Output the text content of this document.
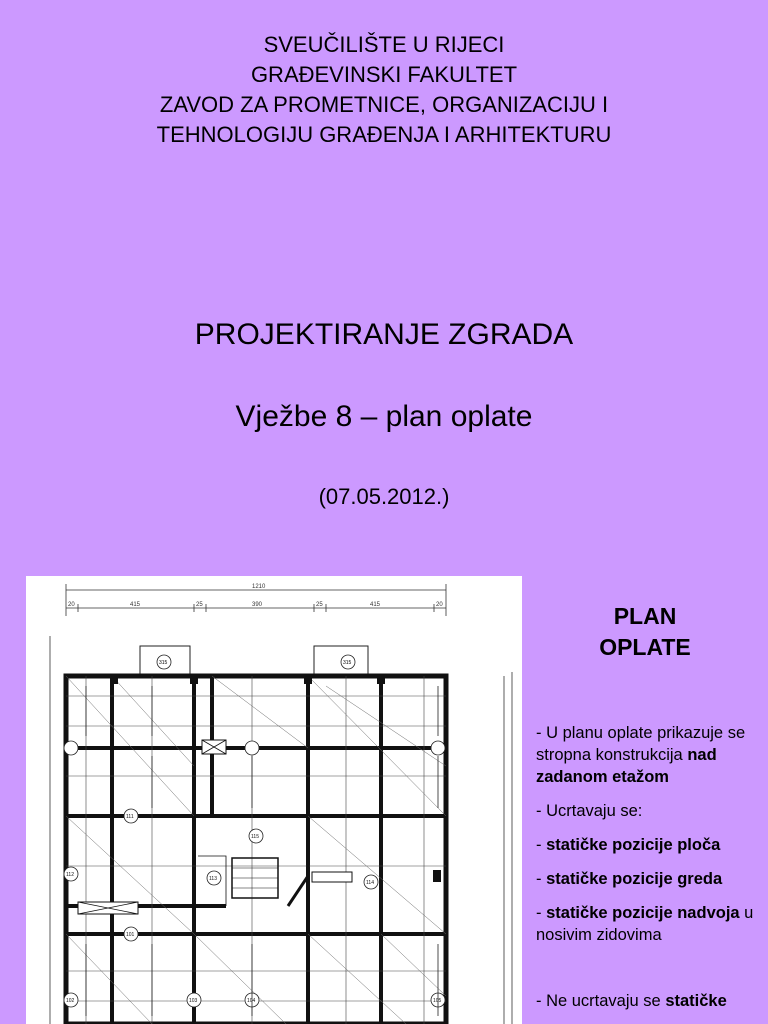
SVEUČILIŠTE U RIJECI
GRAĐEVINSKI FAKULTET
ZAVOD ZA PROMETNICE, ORGANIZACIJU I
TEHNOLOGIJU GRAĐENJA I ARHITEKTURU
PROJEKTIRANJE ZGRADA
Vježbe 8 – plan oplate
(07.05.2012.)
1210
20	415	25	390	25	415	20
315	315
111
115
112
113
114
101
102	103	104	105
PLAN
OPLATE

- U planu oplate prikazuje se stropna konstrukcija nad zadanom etažom

- Ucrtavaju se:

- statičke pozicije ploča

- statičke pozicije greda

- statičke pozicije nadvoja u nosivim zidovima

- Ne ucrtavaju se statičke
